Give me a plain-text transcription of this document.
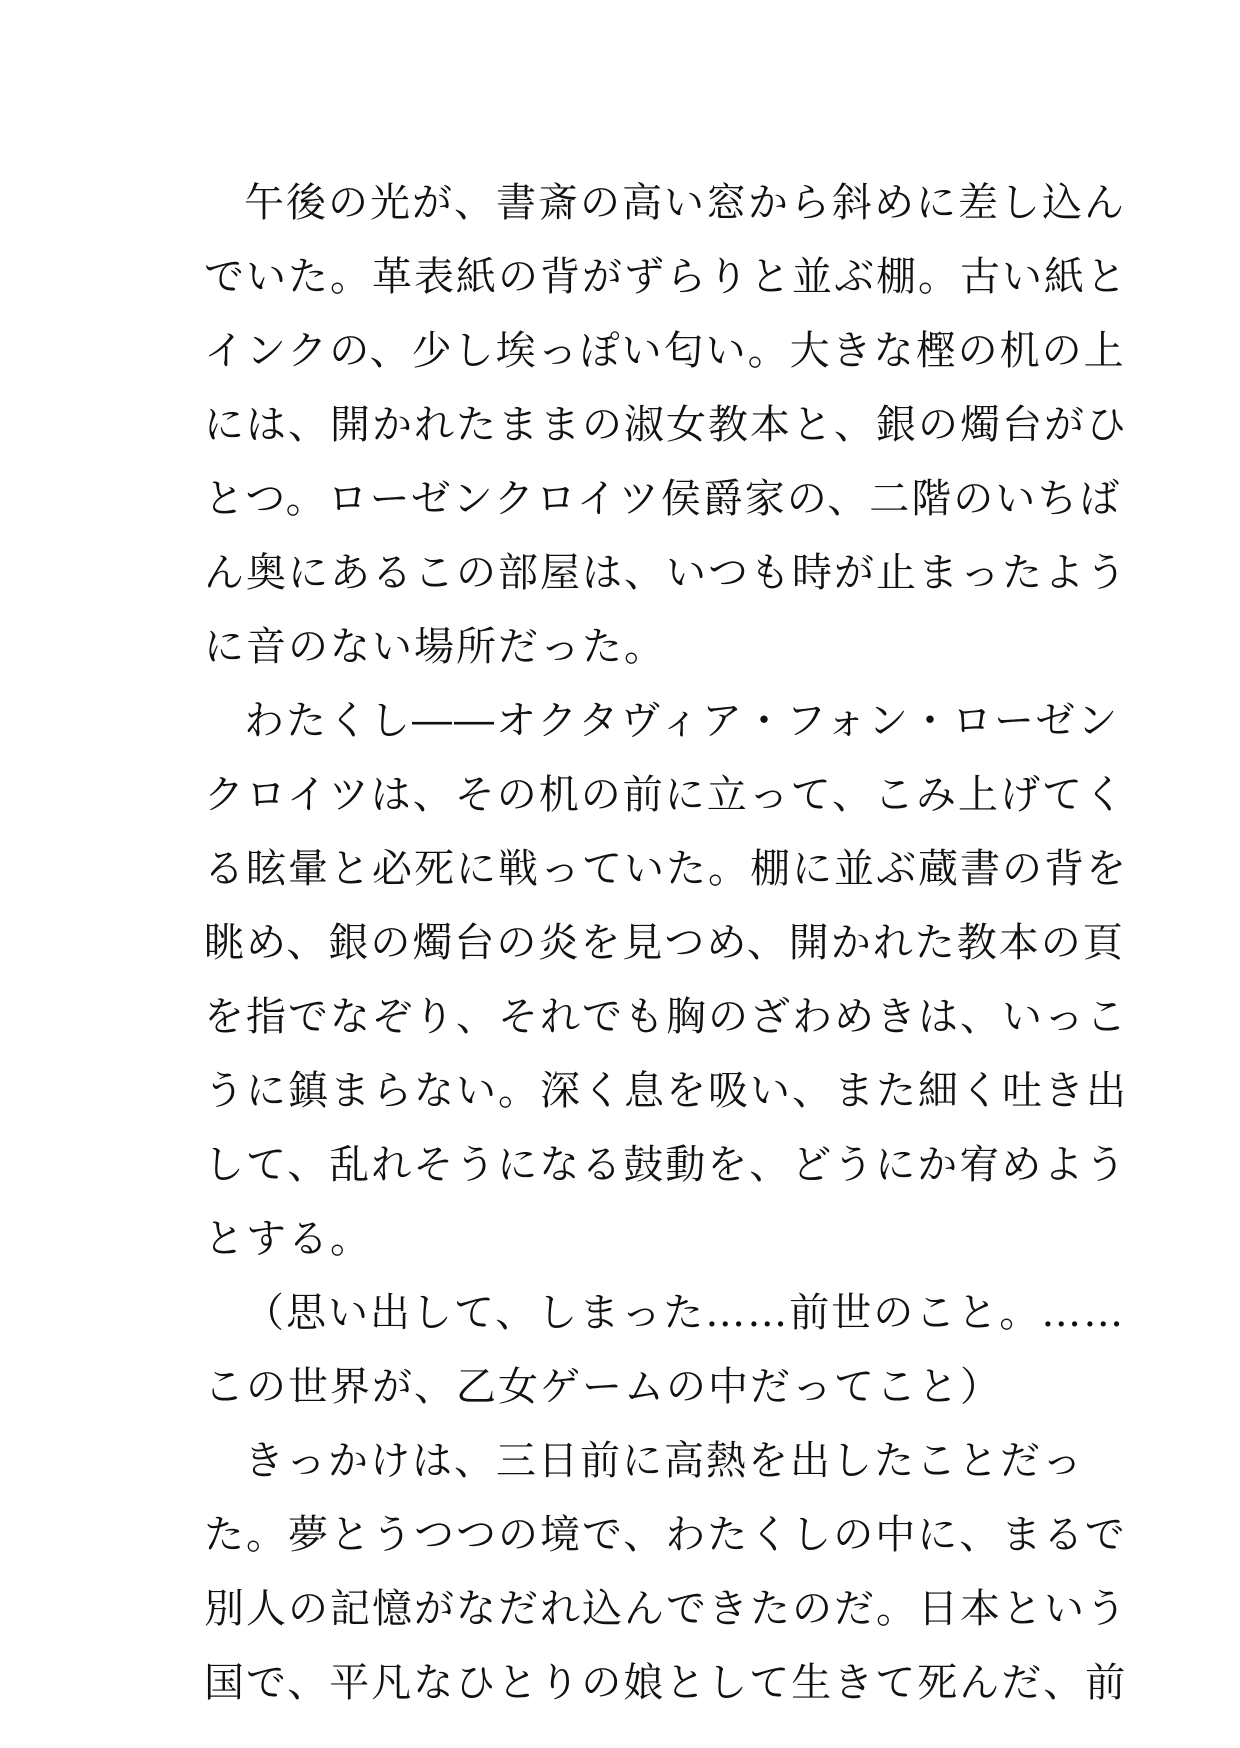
午後の光が、書斎の高い窓から斜めに差し込ん
でいた。革表紙の背がずらりと並ぶ棚。古い紙と
インクの、少し埃っぽい匂い。大きな樫の机の上
には、開かれたままの淑女教本と、銀の燭台がひ
とつ。ローゼンクロイツ侯爵家の、二階のいちば
ん奥にあるこの部屋は、いつも時が止まったよう
に音のない場所だった。
わたくし――オクタヴィア・フォン・ローゼン
クロイツは、その机の前に立って、こみ上げてく
る眩暈と必死に戦っていた。棚に並ぶ蔵書の背を
眺め、銀の燭台の炎を見つめ、開かれた教本の頁
を指でなぞり、それでも胸のざわめきは、いっこ
うに鎮まらない。深く息を吸い、また細く吐き出
して、乱れそうになる鼓動を、どうにか宥めよう
とする。
（思い出して、しまった……前世のこと。……
この世界が、乙女ゲームの中だってこと）
きっかけは、三日前に高熱を出したことだっ
た。夢とうつつの境で、わたくしの中に、まるで
別人の記憶がなだれ込んできたのだ。日本という
国で、平凡なひとりの娘として生きて死んだ、前
